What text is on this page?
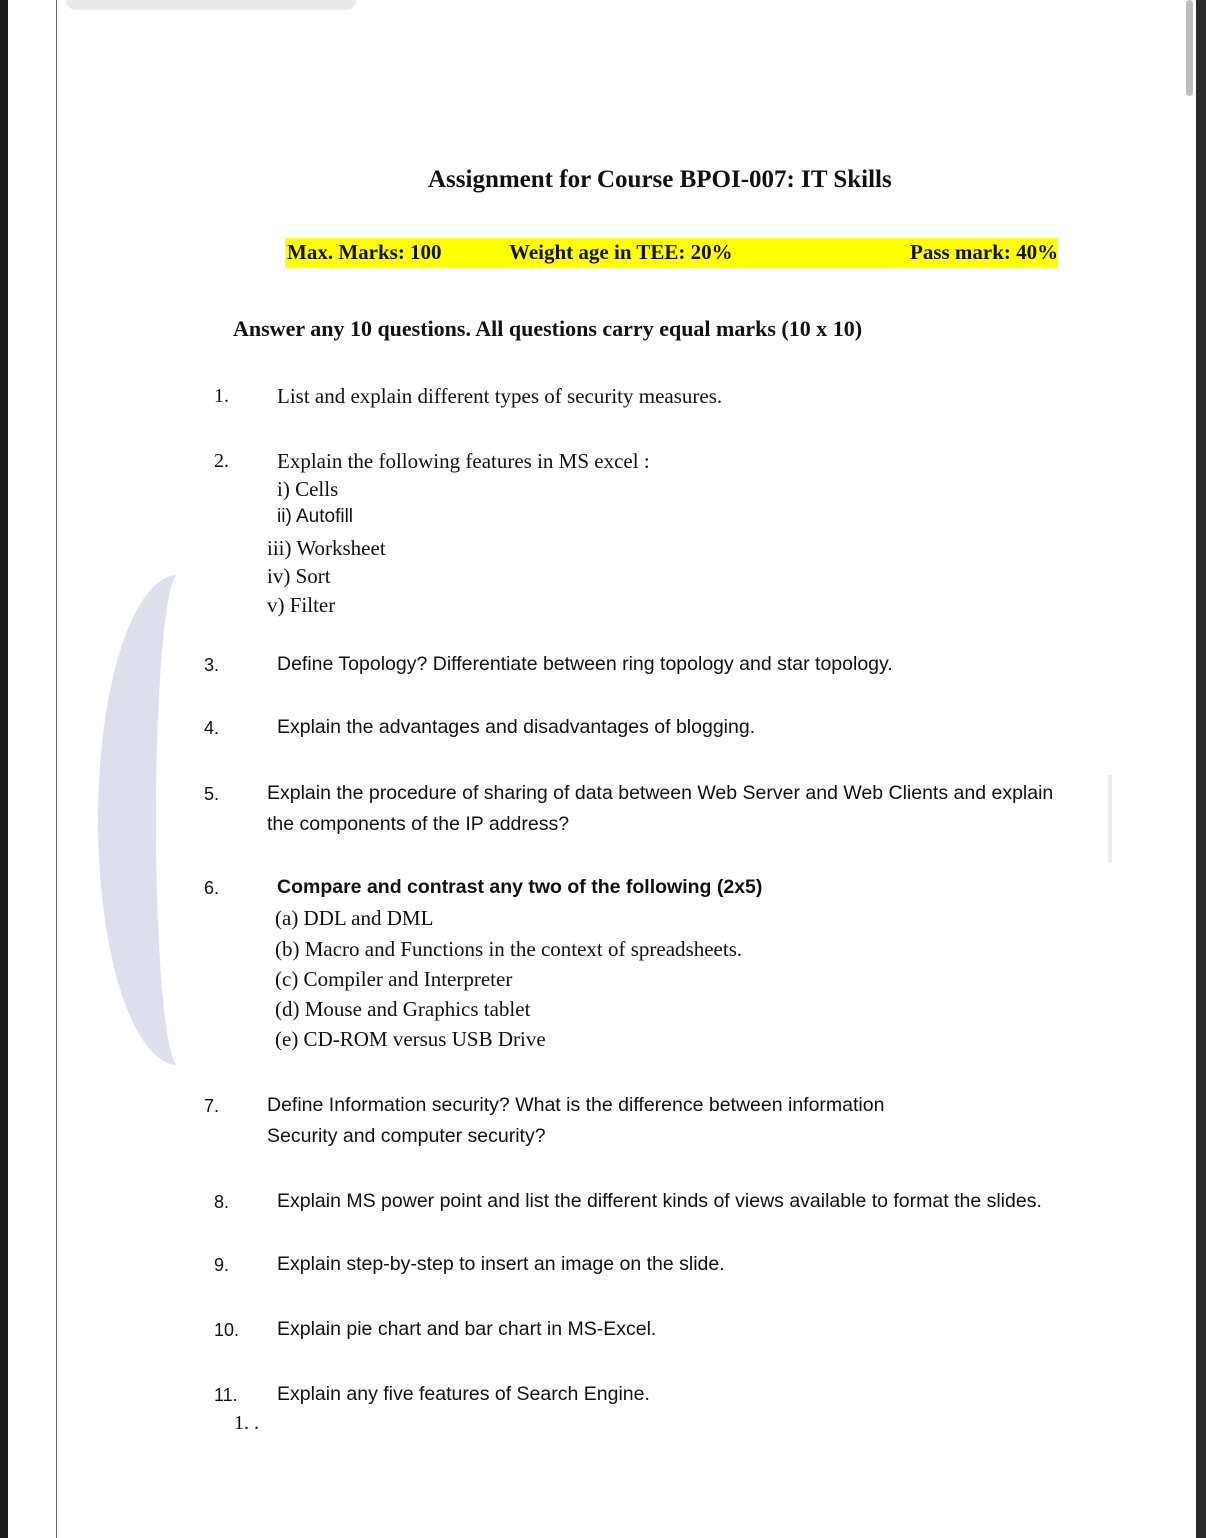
Assignment for Course BPOI-007: IT Skills
Max. Marks: 100	Weight age in TEE: 20%	Pass mark: 40%
Answer any 10 questions. All questions carry equal marks (10 x 10)
1. List and explain different types of security measures.
2. Explain the following features in MS excel :
i) Cells
ii) Autofill
iii) Worksheet
iv) Sort
v) Filter
3.	Define Topology? Differentiate between ring topology and star topology.
4.	Explain the advantages and disadvantages of blogging.
5. Explain the procedure of sharing of data between Web Server and Web Clients and explain
the components of the IP address?
6.	Compare and contrast any two of the following (2x5)
(a) DDL and DML
(b) Macro and Functions in the context of spreadsheets.
(c) Compiler and Interpreter
(d) Mouse and Graphics tablet
(e) CD-ROM versus USB Drive
7. Define Information security? What is the difference between information
Security and computer security?
8. Explain MS power point and list the different kinds of views available to format the slides.
9. Explain step-by-step to insert an image on the slide.
10. Explain pie chart and bar chart in MS-Excel.
11. Explain any five features of Search Engine.
1. .
